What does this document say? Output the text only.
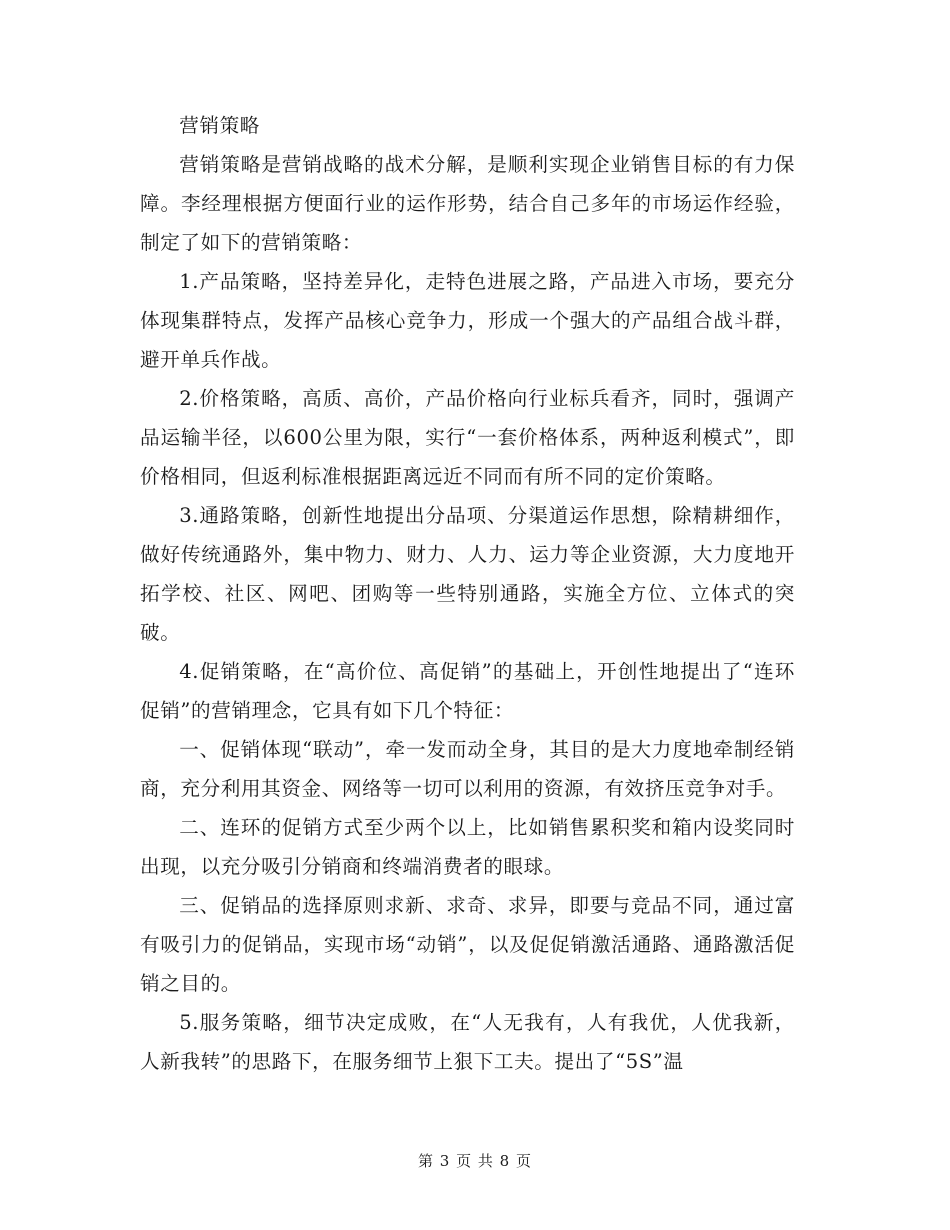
营销策略

营销策略是营销战略的战术分解，是顺利实现企业销售目标的有力保障。李经理根据方便面行业的运作形势，结合自己多年的市场运作经验，制定了如下的营销策略：

1.产品策略，坚持差异化，走特色进展之路，产品进入市场，要充分体现集群特点，发挥产品核心竞争力，形成一个强大的产品组合战斗群，避开单兵作战。

2.价格策略，高质、高价，产品价格向行业标兵看齐，同时，强调产品运输半径，以600公里为限，实行“一套价格体系，两种返利模式”，即价格相同，但返利标准根据距离远近不同而有所不同的定价策略。

3.通路策略，创新性地提出分品项、分渠道运作思想，除精耕细作，做好传统通路外，集中物力、财力、人力、运力等企业资源，大力度地开拓学校、社区、网吧、团购等一些特别通路，实施全方位、立体式的突破。

4.促销策略，在“高价位、高促销”的基础上，开创性地提出了“连环促销”的营销理念，它具有如下几个特征：

一、促销体现“联动”，牵一发而动全身，其目的是大力度地牵制经销商，充分利用其资金、网络等一切可以利用的资源，有效挤压竞争对手。

二、连环的促销方式至少两个以上，比如销售累积奖和箱内设奖同时出现，以充分吸引分销商和终端消费者的眼球。

三、促销品的选择原则求新、求奇、求异，即要与竞品不同，通过富有吸引力的促销品，实现市场“动销”，以及促促销激活通路、通路激活促销之目的。

5.服务策略，细节决定成败，在“人无我有，人有我优，人优我新，人新我转”的思路下，在服务细节上狠下工夫。提出了“5S”温

第 3 页 共 8 页
